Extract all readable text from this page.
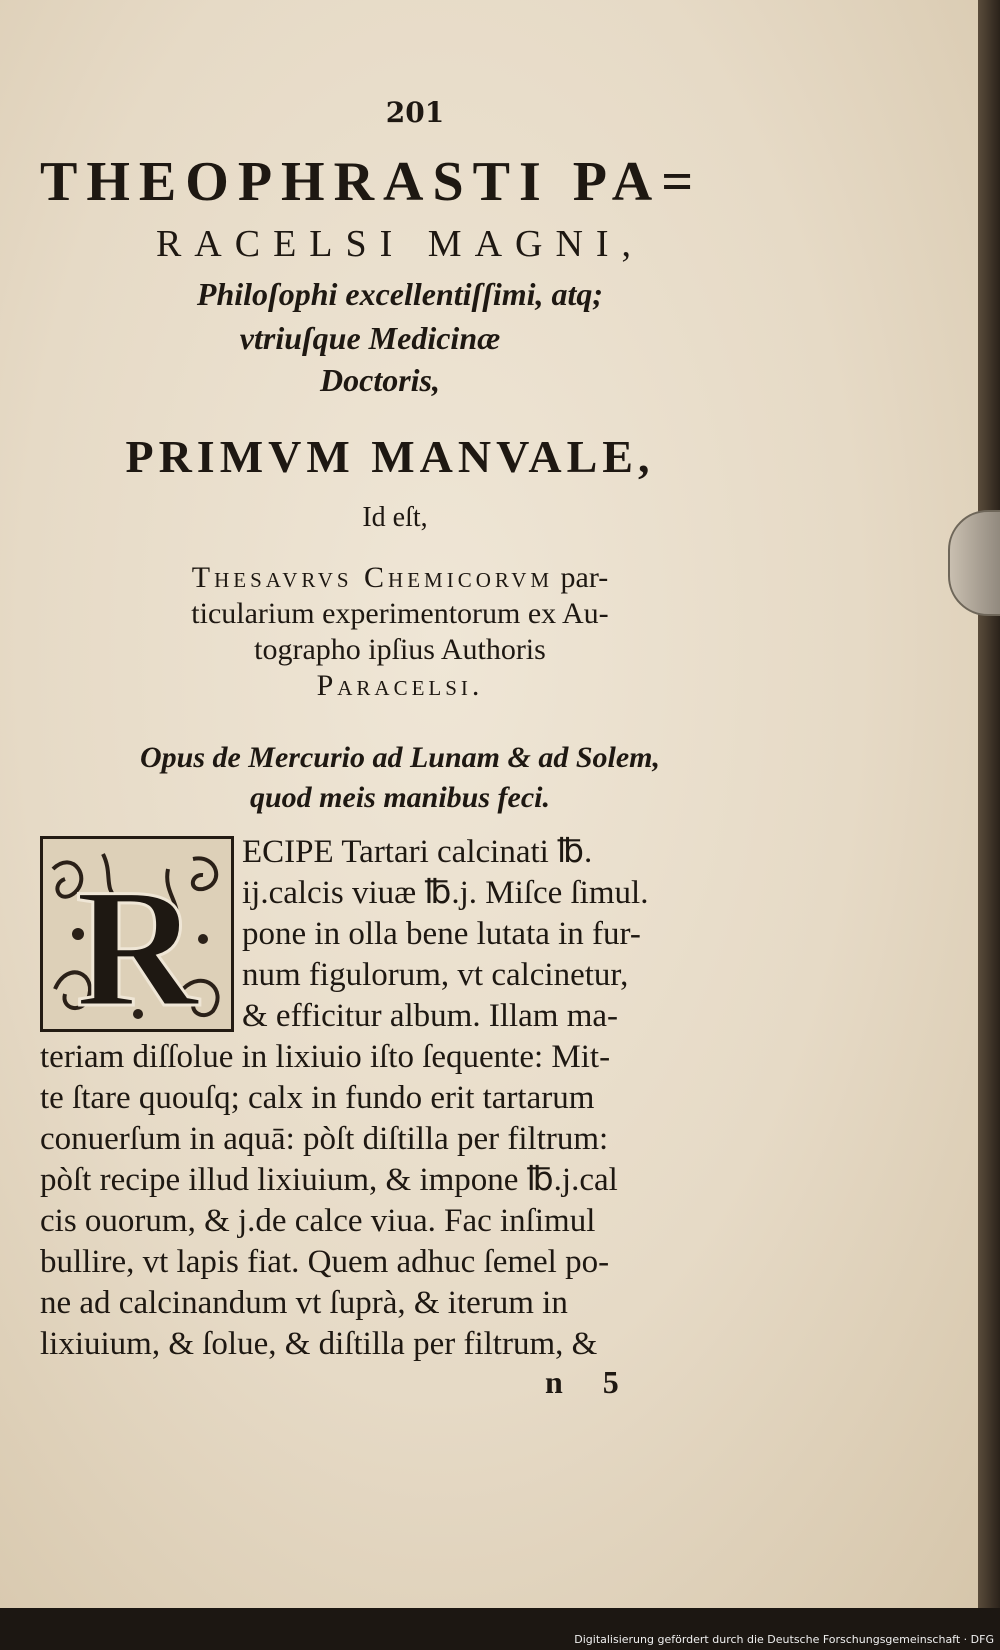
201
THEOPHRASTI PA=
RACELSI MAGNI,
Philoſophi excellentiſſimi, atq;
vtriuſque Medicinæ
Doctoris,
PRIMVM MANVALE,
Id eſt,
Thesavrvs Chemicorvm par-
ticularium experimentorum ex Au-
tographo ipſius Authoris
Paracelsi.
Opus de Mercurio ad Lunam & ad Solem,
quod meis manibus feci.
R
ECIPE Tartari calcinati ℔.
ij.calcis viuæ ℔.j. Miſce ſimul.
pone in olla bene lutata in fur-
num figulorum, vt calcinetur,
& efficitur album. Illam ma-
teriam diſſolue in lixiuio iſto ſequente: Mit-
te ſtare quouſq; calx in fundo erit tartarum
conuerſum in aquā: pòſt diſtilla per filtrum:
pòſt recipe illud lixiuium, & impone ℔.j.cal
cis ouorum, & j.de calce viua. Fac inſimul
bullire, vt lapis fiat. Quem adhuc ſemel po-
ne ad calcinandum vt ſuprà, & iterum in
lixiuium, & ſolue, & diſtilla per filtrum, &
n 5
Digitalisierung gefördert durch die Deutsche Forschungsgemeinschaft · DFG
